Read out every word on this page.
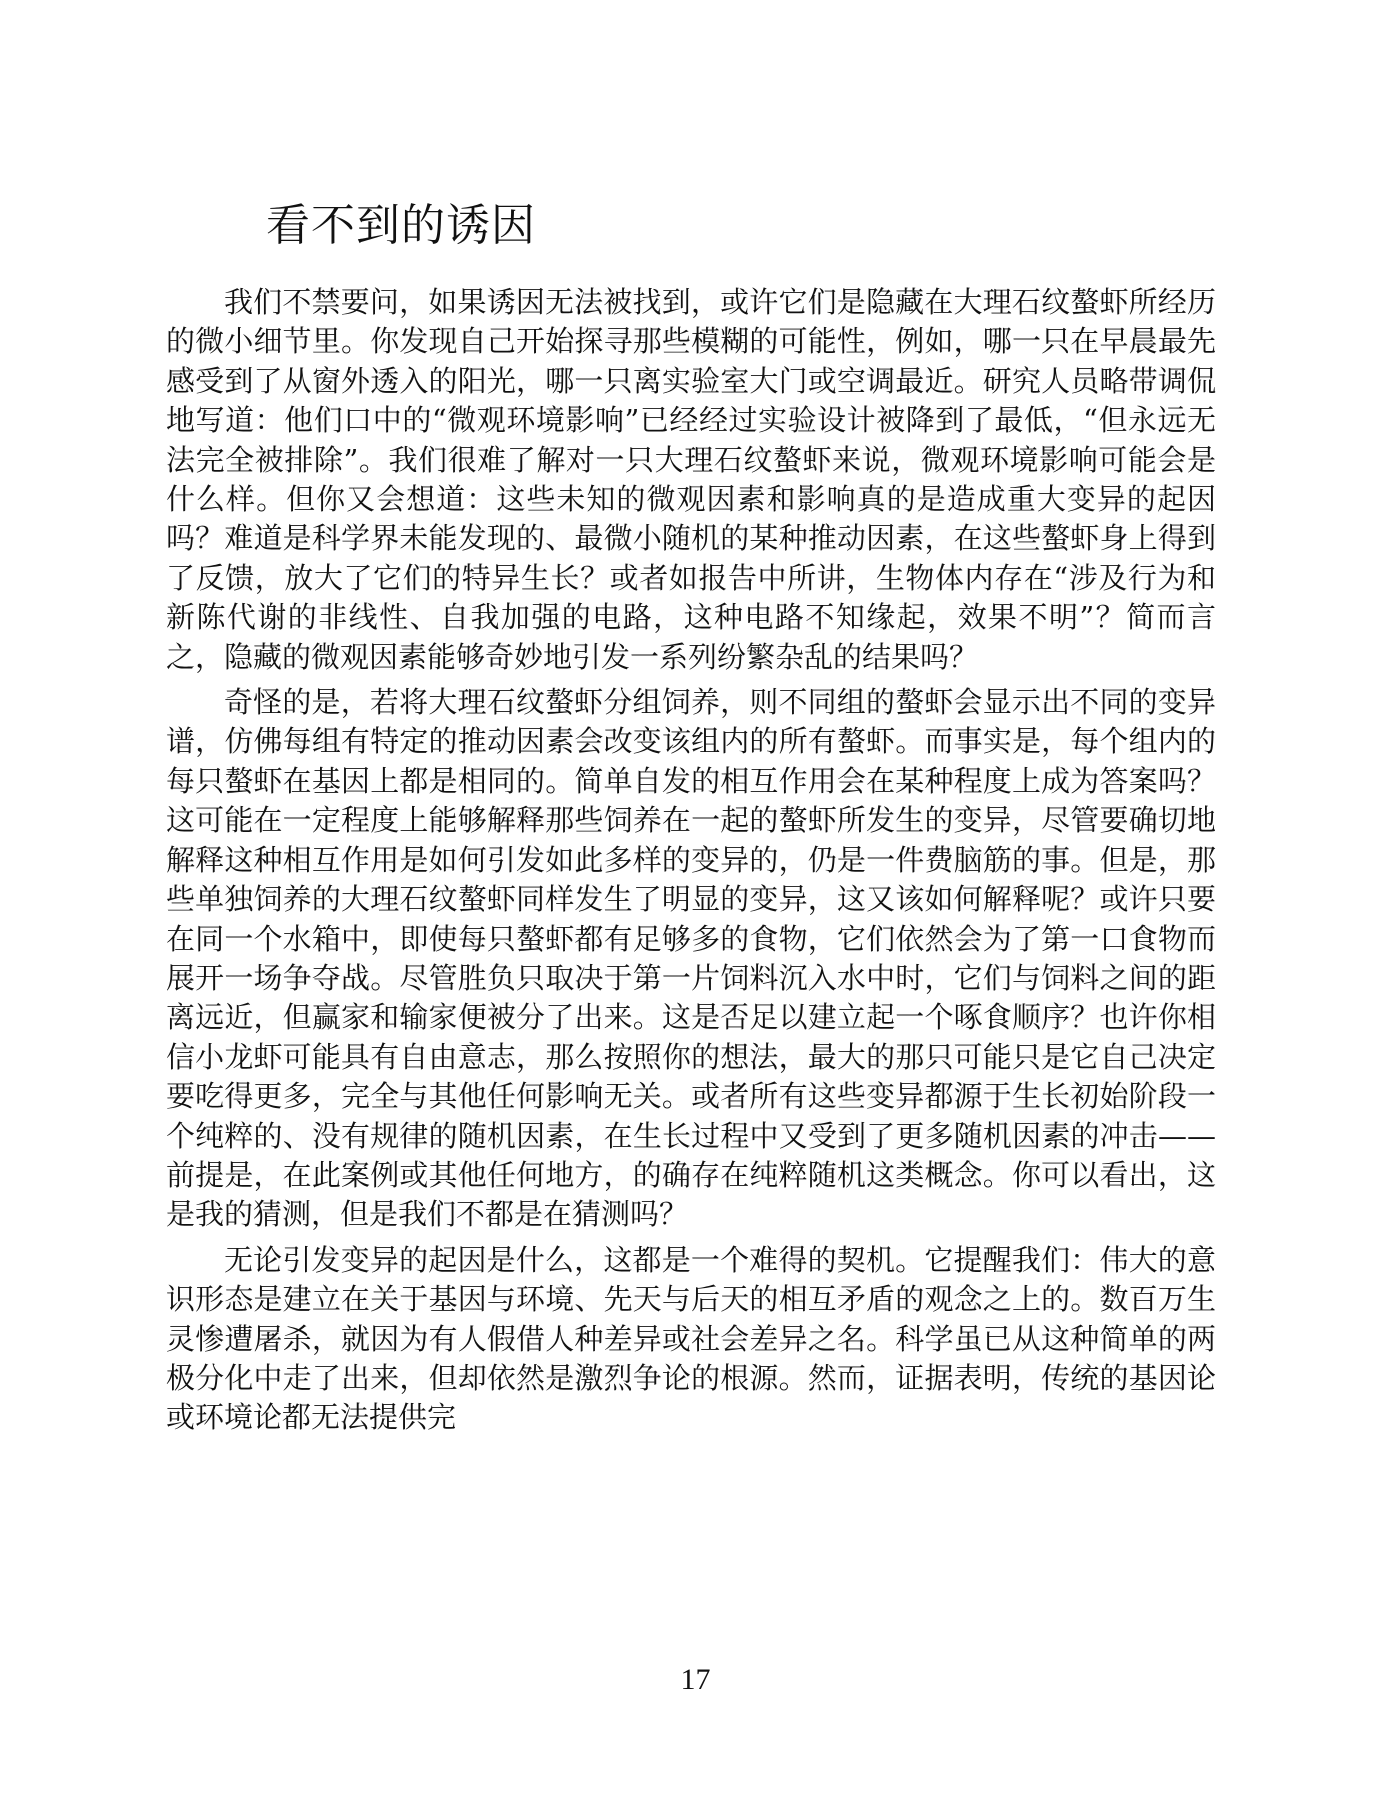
看不到的诱因

我们不禁要问，如果诱因无法被找到，或许它们是隐藏在大理石纹螯虾所经历的微小细节里。你发现自己开始探寻那些模糊的可能性，例如，哪一只在早晨最先感受到了从窗外透入的阳光，哪一只离实验室大门或空调最近。研究人员略带调侃地写道：他们口中的“微观环境影响”已经经过实验设计被降到了最低，“但永远无法完全被排除”。我们很难了解对一只大理石纹螯虾来说，微观环境影响可能会是什么样。但你又会想道：这些未知的微观因素和影响真的是造成重大变异的起因吗？难道是科学界未能发现的、最微小随机的某种推动因素，在这些螯虾身上得到了反馈，放大了它们的特异生长？或者如报告中所讲，生物体内存在“涉及行为和新陈代谢的非线性、自我加强的电路，这种电路不知缘起，效果不明”？简而言之，隐藏的微观因素能够奇妙地引发一系列纷繁杂乱的结果吗？

奇怪的是，若将大理石纹螯虾分组饲养，则不同组的螯虾会显示出不同的变异谱，仿佛每组有特定的推动因素会改变该组内的所有螯虾。而事实是，每个组内的每只螯虾在基因上都是相同的。简单自发的相互作用会在某种程度上成为答案吗？这可能在一定程度上能够解释那些饲养在一起的螯虾所发生的变异，尽管要确切地解释这种相互作用是如何引发如此多样的变异的，仍是一件费脑筋的事。但是，那些单独饲养的大理石纹螯虾同样发生了明显的变异，这又该如何解释呢？或许只要在同一个水箱中，即使每只螯虾都有足够多的食物，它们依然会为了第一口食物而展开一场争夺战。尽管胜负只取决于第一片饲料沉入水中时，它们与饲料之间的距离远近，但赢家和输家便被分了出来。这是否足以建立起一个啄食顺序？也许你相信小龙虾可能具有自由意志，那么按照你的想法，最大的那只可能只是它自己决定要吃得更多，完全与其他任何影响无关。或者所有这些变异都源于生长初始阶段一个纯粹的、没有规律的随机因素，在生长过程中又受到了更多随机因素的冲击——前提是，在此案例或其他任何地方，的确存在纯粹随机这类概念。你可以看出，这是我的猜测，但是我们不都是在猜测吗？

无论引发变异的起因是什么，这都是一个难得的契机。它提醒我们：伟大的意识形态是建立在关于基因与环境、先天与后天的相互矛盾的观念之上的。数百万生灵惨遭屠杀，就因为有人假借人种差异或社会差异之名。科学虽已从这种简单的两极分化中走了出来，但却依然是激烈争论的根源。然而，证据表明，传统的基因论或环境论都无法提供完

17
